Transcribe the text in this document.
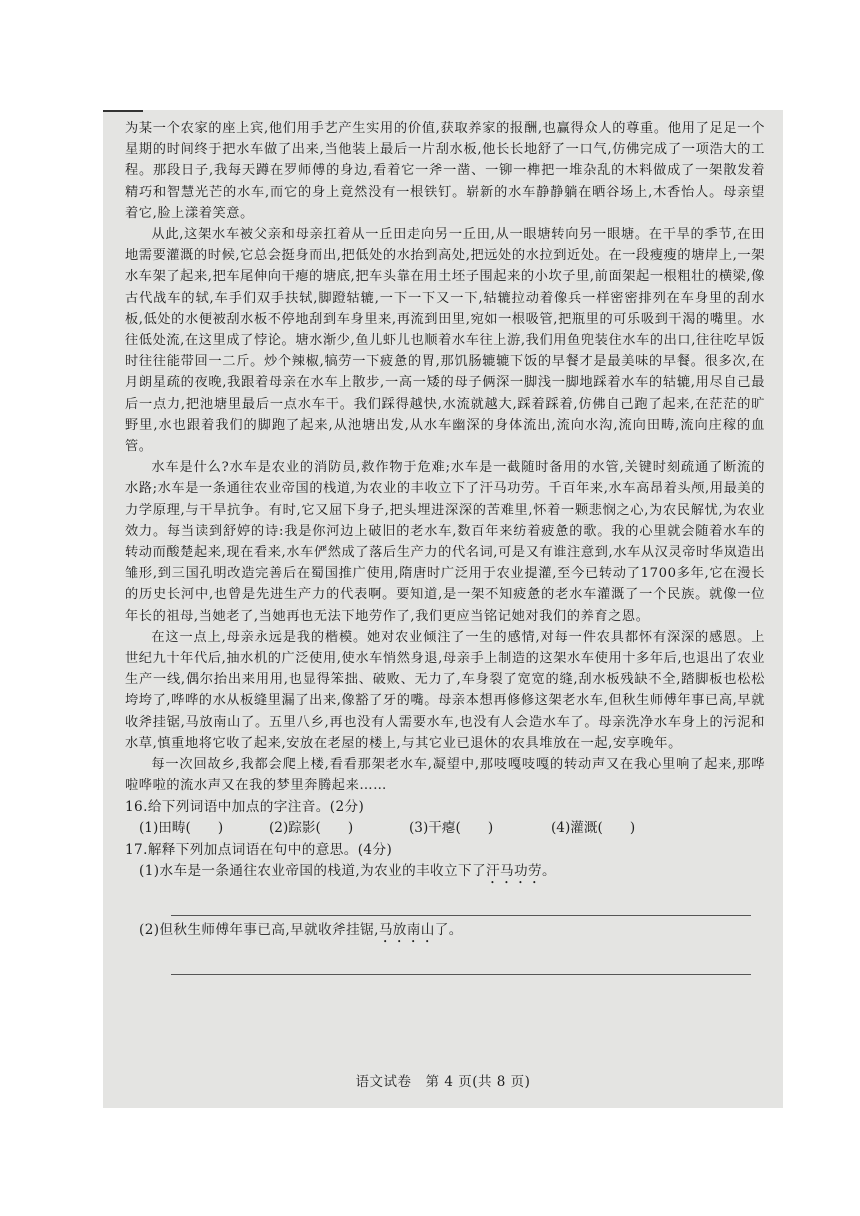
为某一个农家的座上宾,他们用手艺产生实用的价值,获取养家的报酬,也赢得众人的尊重。他用了足足一个星期的时间终于把水车做了出来,当他装上最后一片刮水板,他长长地舒了一口气,仿佛完成了一项浩大的工程。那段日子,我每天蹲在罗师傅的身边,看着它一斧一凿、一铆一榫把一堆杂乱的木料做成了一架散发着精巧和智慧光芒的水车,而它的身上竟然没有一根铁钉。崭新的水车静静躺在晒谷场上,木香怡人。母亲望着它,脸上漾着笑意。

从此,这架水车被父亲和母亲扛着从一丘田走向另一丘田,从一眼塘转向另一眼塘。在干旱的季节,在田地需要灌溉的时候,它总会挺身而出,把低处的水抬到高处,把远处的水拉到近处。在一段瘦瘦的塘岸上,一架水车架了起来,把车尾伸向干瘪的塘底,把车头靠在用土坯子围起来的小坎子里,前面架起一根粗壮的横梁,像古代战车的轼,车手们双手扶轼,脚蹬轱辘,一下一下又一下,轱辘拉动着像兵一样密密排列在车身里的刮水板,低处的水便被刮水板不停地刮到车身里来,再流到田里,宛如一根吸管,把瓶里的可乐吸到干渴的嘴里。水往低处流,在这里成了悖论。塘水渐少,鱼儿虾儿也顺着水车往上游,我们用鱼兜装住水车的出口,往往吃早饭时往往能带回一二斤。炒个辣椒,犒劳一下疲惫的胃,那饥肠辘辘下饭的早餐才是最美味的早餐。很多次,在月朗星疏的夜晚,我跟着母亲在水车上散步,一高一矮的母子俩深一脚浅一脚地踩着水车的轱辘,用尽自己最后一点力,把池塘里最后一点水车干。我们踩得越快,水流就越大,踩着踩着,仿佛自己跑了起来,在茫茫的旷野里,水也跟着我们的脚跑了起来,从池塘出发,从水车幽深的身体流出,流向水沟,流向田畴,流向庄稼的血管。

水车是什么?水车是农业的消防员,救作物于危难;水车是一截随时备用的水管,关键时刻疏通了断流的水路;水车是一条通往农业帝国的栈道,为农业的丰收立下了汗马功劳。千百年来,水车高昂着头颅,用最美的力学原理,与干旱抗争。有时,它又屈下身子,把头埋进深深的苦难里,怀着一颗悲悯之心,为农民解忧,为农业效力。每当读到舒婷的诗:我是你河边上破旧的老水车,数百年来纺着疲惫的歌。我的心里就会随着水车的转动而酸楚起来,现在看来,水车俨然成了落后生产力的代名词,可是又有谁注意到,水车从汉灵帝时华岚造出雏形,到三国孔明改造完善后在蜀国推广使用,隋唐时广泛用于农业提灌,至今已转动了1700多年,它在漫长的历史长河中,也曾是先进生产力的代表啊。要知道,是一架不知疲惫的老水车灌溉了一个民族。就像一位年长的祖母,当她老了,当她再也无法下地劳作了,我们更应当铭记她对我们的养育之恩。

在这一点上,母亲永远是我的楷模。她对农业倾注了一生的感情,对每一件农具都怀有深深的感恩。上世纪九十年代后,抽水机的广泛使用,使水车悄然身退,母亲手上制造的这架水车使用十多年后,也退出了农业生产一线,偶尔抬出来用用,也显得笨拙、破败、无力了,车身裂了宽宽的缝,刮水板残缺不全,踏脚板也松松垮垮了,哗哗的水从板缝里漏了出来,像豁了牙的嘴。母亲本想再修修这架老水车,但秋生师傅年事已高,早就收斧挂锯,马放南山了。五里八乡,再也没有人需要水车,也没有人会造水车了。母亲洗净水车身上的污泥和水草,慎重地将它收了起来,安放在老屋的楼上,与其它业已退休的农具堆放在一起,安享晚年。

每一次回故乡,我都会爬上楼,看看那架老水车,凝望中,那吱嘎吱嘎的转动声又在我心里响了起来,那哗啦哗啦的流水声又在我的梦里奔腾起来……

16.给下列词语中加点的字注音。(2分)

(1)田畴(　　)	(2)踪影(　　)	(3)干瘪(　　)	(4)灌溉(　　)

17.解释下列加点词语在句中的意思。(4分)

(1)水车是一条通往农业帝国的栈道,为农业的丰收立下了汗马功劳。

(2)但秋生师傅年事已高,早就收斧挂锯,马放南山了。

语文试卷　第 4 页(共 8 页)
